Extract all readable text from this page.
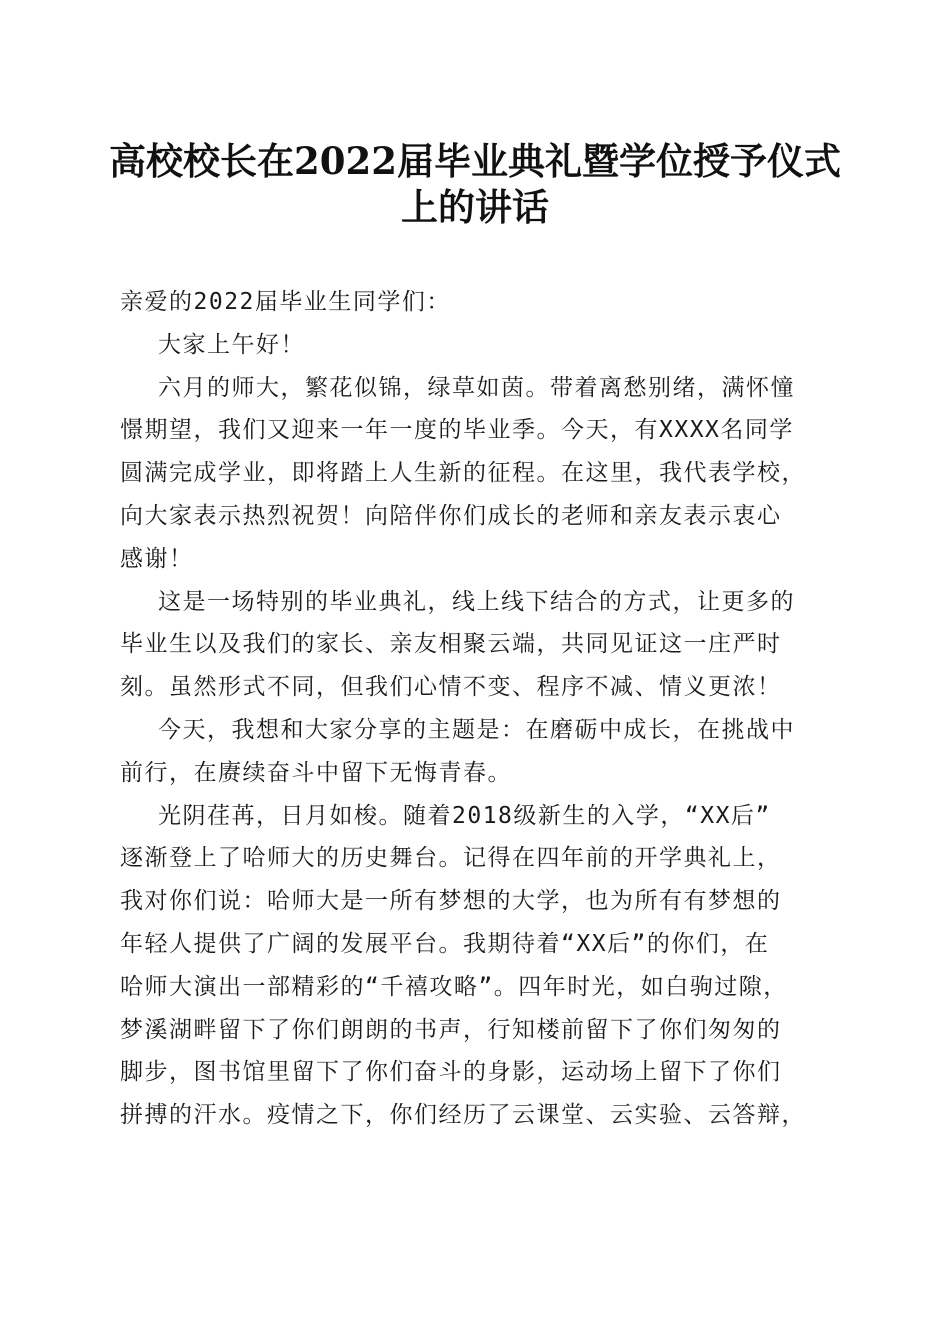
高校校长在2022届毕业典礼暨学位授予仪式
上的讲话
亲爱的2022届毕业生同学们：
大家上午好！
六月的师大，繁花似锦，绿草如茵。带着离愁别绪，满怀憧
憬期望，我们又迎来一年一度的毕业季。今天，有XXXX名同学
圆满完成学业，即将踏上人生新的征程。在这里，我代表学校，
向大家表示热烈祝贺！向陪伴你们成长的老师和亲友表示衷心
感谢！
这是一场特别的毕业典礼，线上线下结合的方式，让更多的
毕业生以及我们的家长、亲友相聚云端，共同见证这一庄严时
刻。虽然形式不同，但我们心情不变、程序不减、情义更浓！
今天，我想和大家分享的主题是：在磨砺中成长，在挑战中
前行，在赓续奋斗中留下无悔青春。
光阴荏苒，日月如梭。随着2018级新生的入学，“XX后”
逐渐登上了哈师大的历史舞台。记得在四年前的开学典礼上，
我对你们说：哈师大是一所有梦想的大学，也为所有有梦想的
年轻人提供了广阔的发展平台。我期待着“XX后”的你们，在
哈师大演出一部精彩的“千禧攻略”。四年时光，如白驹过隙，
梦溪湖畔留下了你们朗朗的书声，行知楼前留下了你们匆匆的
脚步，图书馆里留下了你们奋斗的身影，运动场上留下了你们
拼搏的汗水。疫情之下，你们经历了云课堂、云实验、云答辩，
